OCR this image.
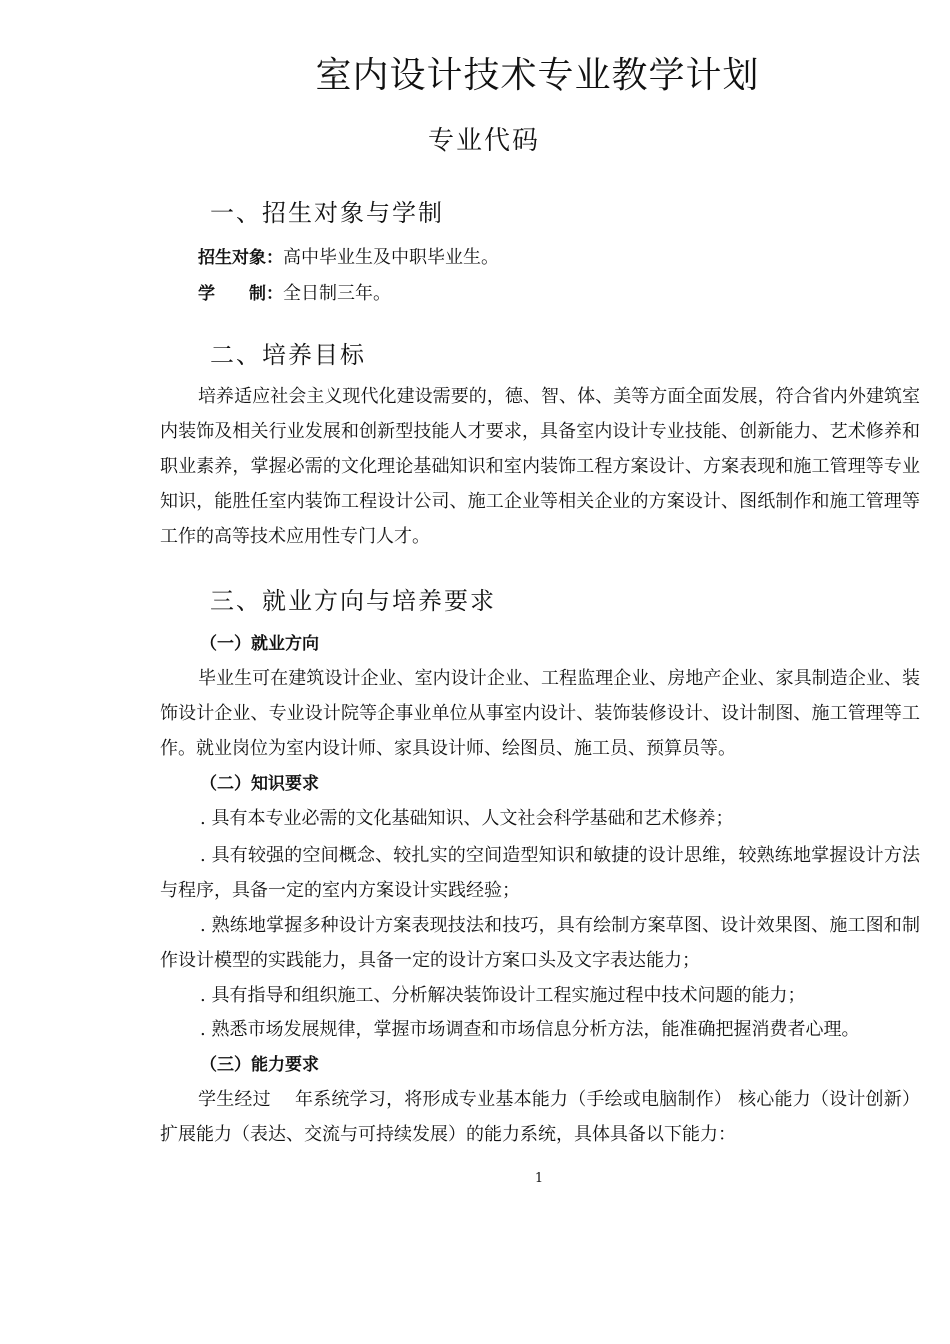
室内设计技术专业教学计划
专业代码
一、招生对象与学制
招生对象：高中毕业生及中职毕业生。
学　　制：全日制三年。
二、培养目标

培养适应社会主义现代化建设需要的，德、智、体、美等方面全面发展，符合省内外建筑室内装饰及相关行业发展和创新型技能人才要求，具备室内设计专业技能、创新能力、艺术修养和职业素养，掌握必需的文化理论基础知识和室内装饰工程方案设计、方案表现和施工管理等专业知识，能胜任室内装饰工程设计公司、施工企业等相关企业的方案设计、图纸制作和施工管理等工作的高等技术应用性专门人才。

三、就业方向与培养要求
（一）就业方向

毕业生可在建筑设计企业、室内设计企业、工程监理企业、房地产企业、家具制造企业、装饰设计企业、专业设计院等企事业单位从事室内设计、装饰装修设计、设计制图、施工管理等工作。就业岗位为室内设计师、家具设计师、绘图员、施工员、预算员等。

（二）知识要求

. 具有本专业必需的文化基础知识、人文社会科学基础和艺术修养；

. 具有较强的空间概念、较扎实的空间造型知识和敏捷的设计思维，较熟练地掌握设计方法与程序，具备一定的室内方案设计实践经验；

. 熟练地掌握多种设计方案表现技法和技巧，具有绘制方案草图、设计效果图、施工图和制作设计模型的实践能力，具备一定的设计方案口头及文字表达能力；

. 具有指导和组织施工、分析解决装饰设计工程实施过程中技术问题的能力；

. 熟悉市场发展规律，掌握市场调查和市场信息分析方法，能准确把握消费者心理。

（三）能力要求

学生经过　 年系统学习，将形成专业基本能力（手绘或电脑制作） 核心能力（设计创新） 扩展能力（表达、交流与可持续发展）的能力系统，具体具备以下能力：

1
